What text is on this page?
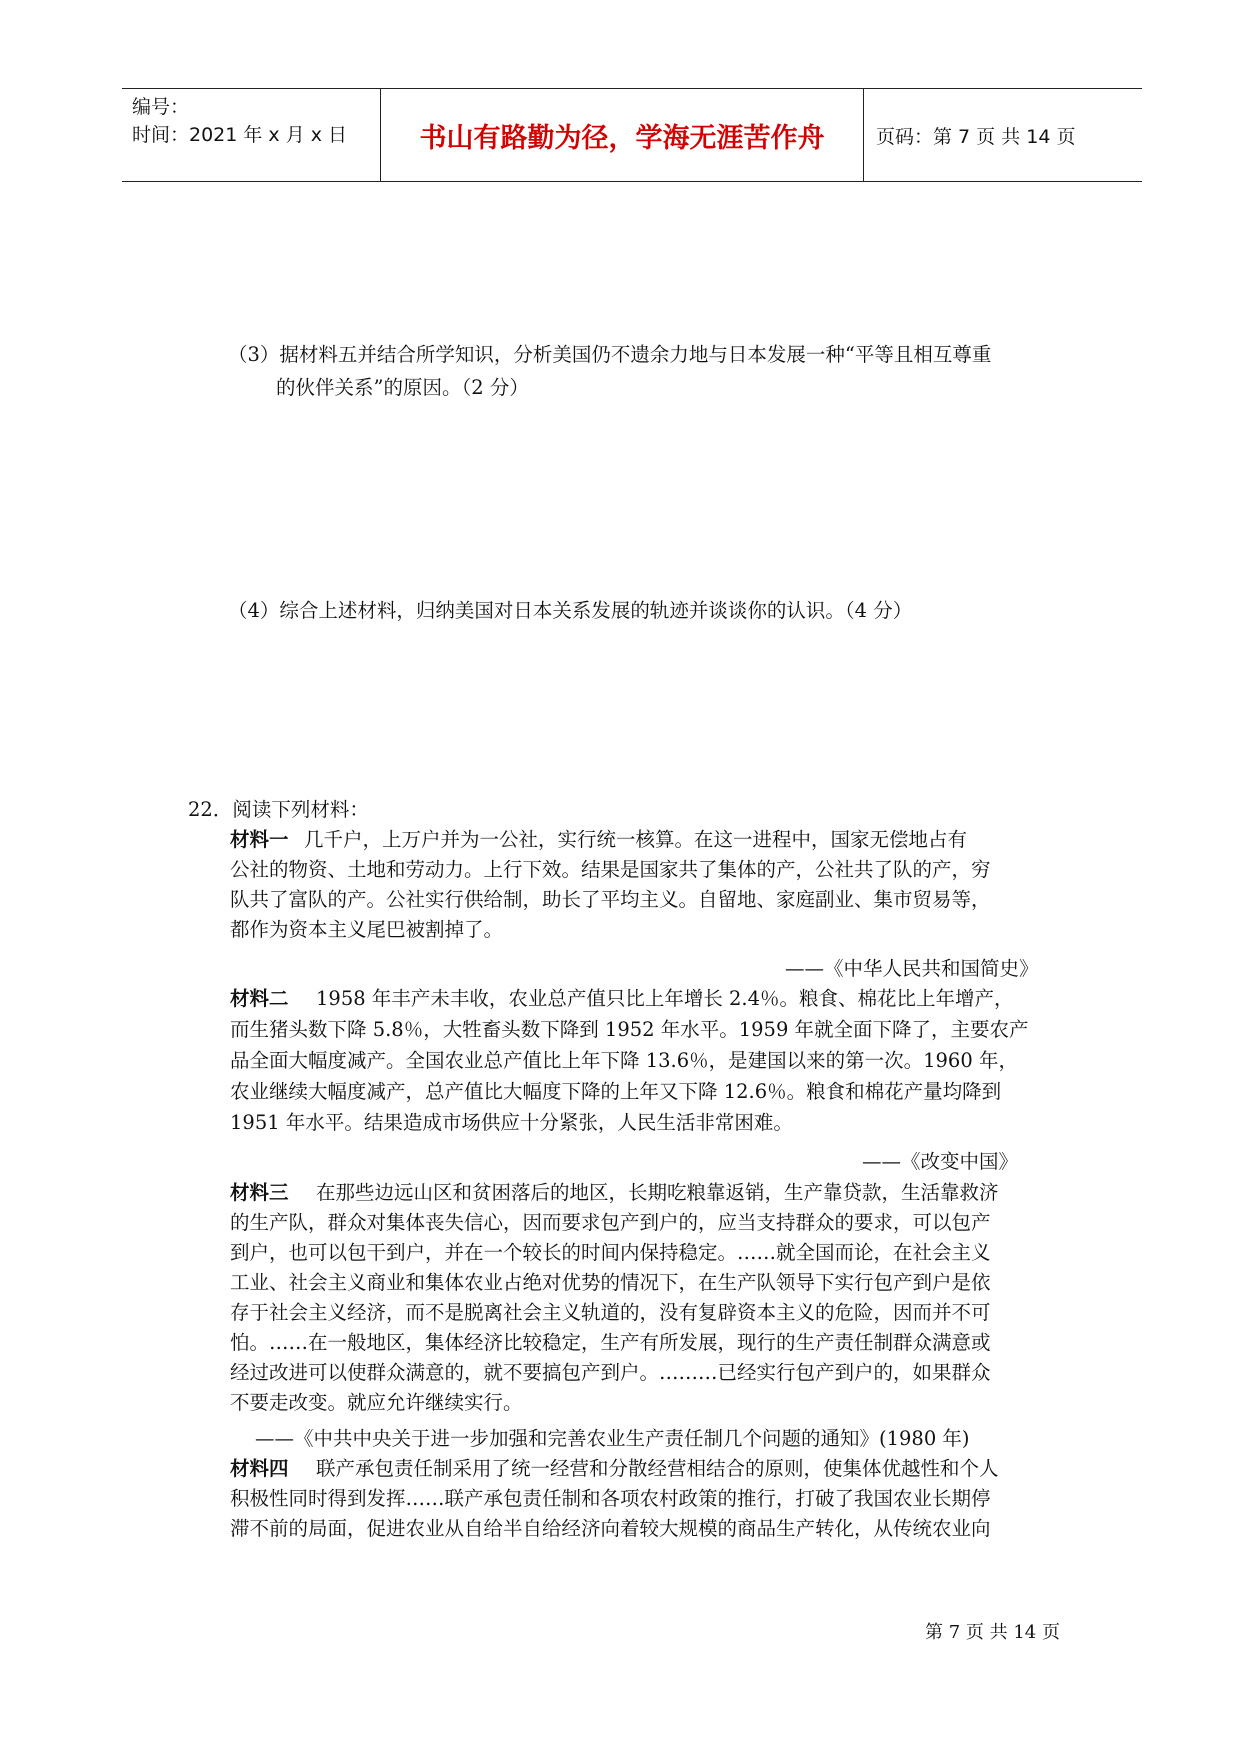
编号：
时间：2021 年 x 月 x 日	书山有路勤为径，学海无涯苦作舟	页码：第 7 页 共 14 页
（3）据材料五并结合所学知识，分析美国仍不遗余力地与日本发展一种“平等且相互尊重
的伙伴关系”的原因。（2 分）
（4）综合上述材料，归纳美国对日本关系发展的轨迹并谈谈你的认识。（4 分）
22．阅读下列材料：
材料一 几千户，上万户并为一公社，实行统一核算。在这一进程中，国家无偿地占有
公社的物资、土地和劳动力。上行下效。结果是国家共了集体的产，公社共了队的产，穷
队共了富队的产。公社实行供给制，助长了平均主义。自留地、家庭副业、集市贸易等，
都作为资本主义尾巴被割掉了。
——《中华人民共和国简史》
材料二 1958 年丰产未丰收，农业总产值只比上年增长 2.4％。粮食、棉花比上年增产，
而生猪头数下降 5.8％，大牲畜头数下降到 1952 年水平。1959 年就全面下降了，主要农产
品全面大幅度减产。全国农业总产值比上年下降 13.6％，是建国以来的第一次。1960 年，
农业继续大幅度减产，总产值比大幅度下降的上年又下降 12.6％。粮食和棉花产量均降到
1951 年水平。结果造成市场供应十分紧张，人民生活非常困难。
——《改变中国》
材料三 在那些边远山区和贫困落后的地区，长期吃粮靠返销，生产靠贷款，生活靠救济
的生产队，群众对集体丧失信心，因而要求包产到户的，应当支持群众的要求，可以包产
到户，也可以包干到户，并在一个较长的时间内保持稳定。……就全国而论，在社会主义
工业、社会主义商业和集体农业占绝对优势的情况下，在生产队领导下实行包产到户是依
存于社会主义经济，而不是脱离社会主义轨道的，没有复辟资本主义的危险，因而并不可
怕。……在一般地区，集体经济比较稳定，生产有所发展，现行的生产责任制群众满意或
经过改进可以使群众满意的，就不要搞包产到户。………已经实行包产到户的，如果群众
不要走改变。就应允许继续实行。
——《中共中央关于进一步加强和完善农业生产责任制几个问题的通知》(1980 年)
材料四 联产承包责任制采用了统一经营和分散经营相结合的原则，使集体优越性和个人
积极性同时得到发挥……联产承包责任制和各项农村政策的推行，打破了我国农业长期停
滞不前的局面，促进农业从自给半自给经济向着较大规模的商品生产转化，从传统农业向
第 7 页 共 14 页
